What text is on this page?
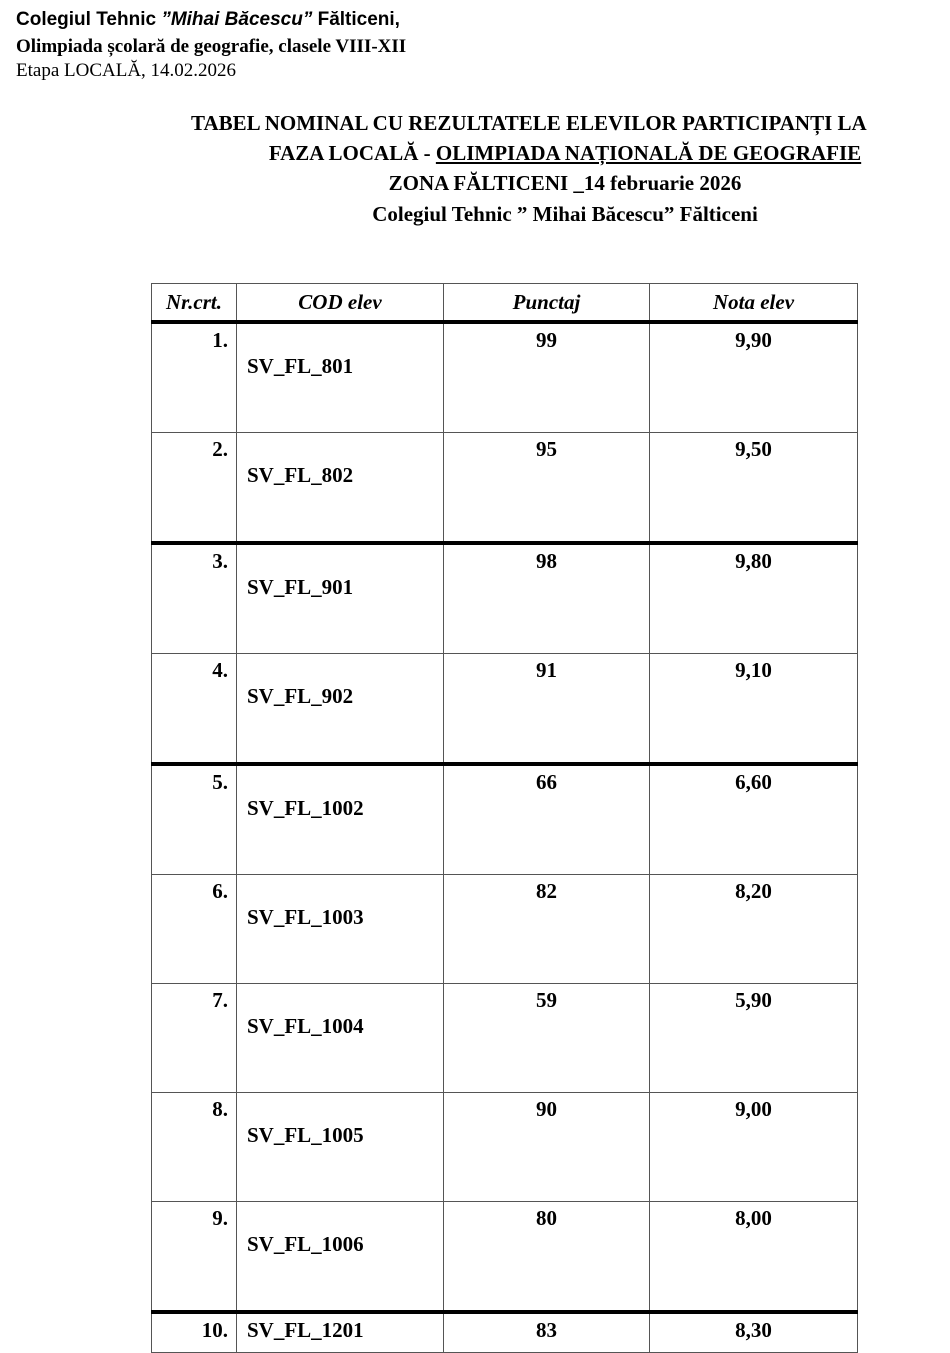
Colegiul Tehnic ”Mihai Băcescu” Fălticeni,
Olimpiada școlară de geografie, clasele VIII-XII
Etapa LOCALĂ, 14.02.2026
TABEL NOMINAL CU REZULTATELE ELEVILOR PARTICIPANȚI LA
FAZA LOCALĂ - OLIMPIADA NAȚIONALĂ DE GEOGRAFIE
ZONA FĂLTICENI _14 februarie 2026
Colegiul Tehnic ” Mihai Băcescu” Fălticeni
Nr.crt.	COD elev	Punctaj	Nota elev
1.	SV_FL_801	99	9,90
2.	SV_FL_802	95	9,50
3.	SV_FL_901	98	9,80
4.	SV_FL_902	91	9,10
5.	SV_FL_1002	66	6,60
6.	SV_FL_1003	82	8,20
7.	SV_FL_1004	59	5,90
8.	SV_FL_1005	90	9,00
9.	SV_FL_1006	80	8,00
10.	SV_FL_1201	83	8,30
